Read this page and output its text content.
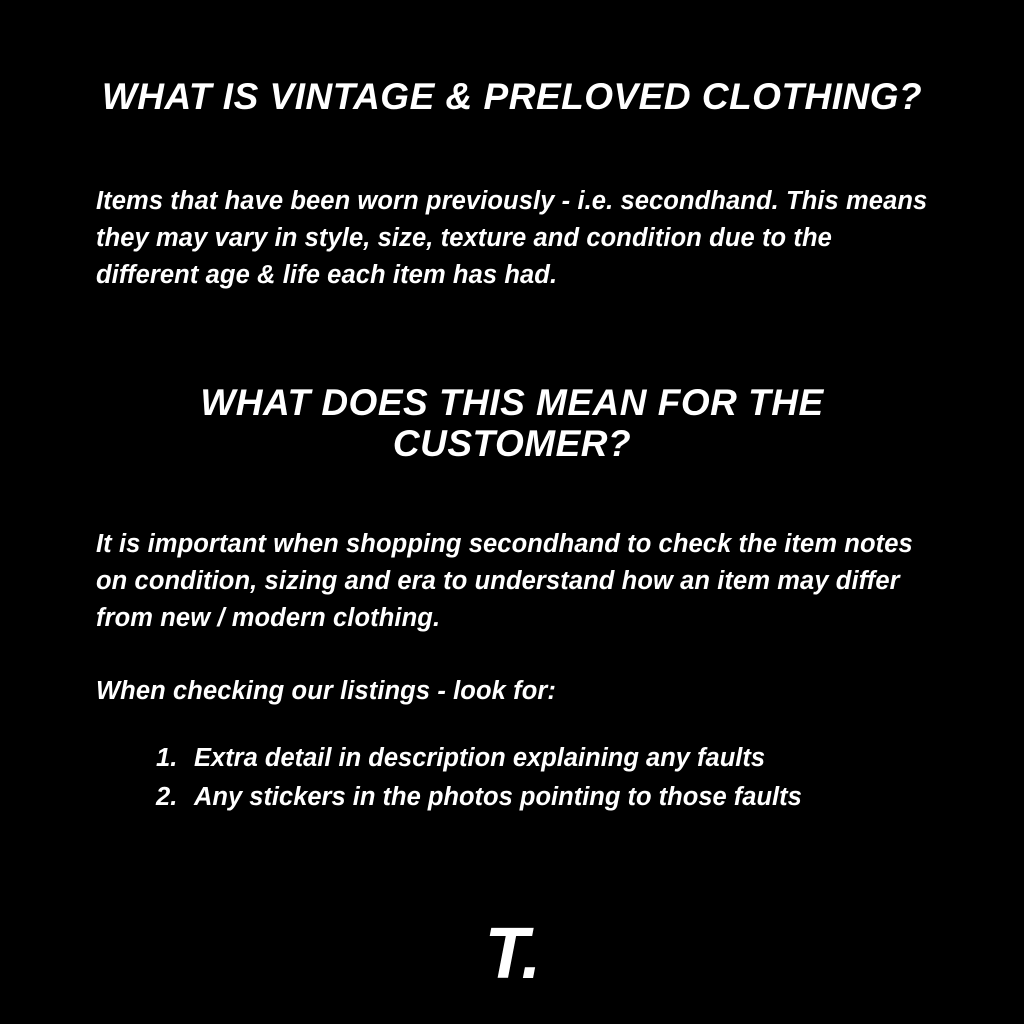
WHAT IS VINTAGE & PRELOVED CLOTHING?

Items that have been worn previously - i.e. secondhand. This means they may vary in style, size, texture and condition due to the different age & life each item has had.

WHAT DOES THIS MEAN FOR THE CUSTOMER?

It is important when shopping secondhand to check the item notes on condition, sizing and era to understand how an item may differ from new / modern clothing.

When checking our listings - look for:

Extra detail in description explaining any faults
Any stickers in the photos pointing to those faults
T.
